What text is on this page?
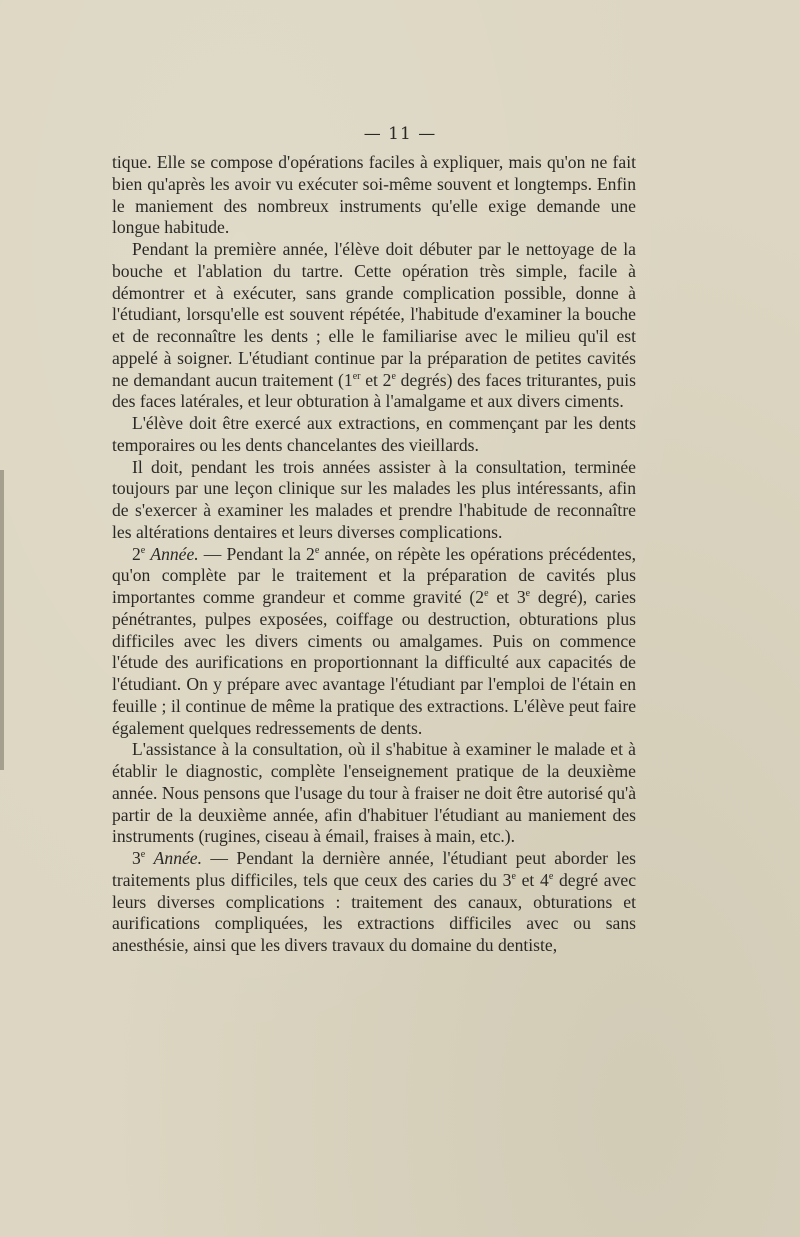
— 11 —

tique. Elle se compose d'opérations faciles à expliquer, mais qu'on ne fait bien qu'après les avoir vu exécuter soi-même souvent et longtemps. Enfin le maniement des nombreux instruments qu'elle exige demande une longue habitude.

Pendant la première année, l'élève doit débuter par le nettoyage de la bouche et l'ablation du tartre. Cette opération très simple, facile à démontrer et à exécuter, sans grande complication possible, donne à l'étudiant, lorsqu'elle est souvent répétée, l'habitude d'examiner la bouche et de reconnaître les dents ; elle le familiarise avec le milieu qu'il est appelé à soigner. L'étudiant continue par la préparation de petites cavités ne demandant aucun traitement (1er et 2e degrés) des faces triturantes, puis des faces latérales, et leur obturation à l'amalgame et aux divers ciments.

L'élève doit être exercé aux extractions, en commençant par les dents temporaires ou les dents chancelantes des vieillards.

Il doit, pendant les trois années assister à la consultation, terminée toujours par une leçon clinique sur les malades les plus intéressants, afin de s'exercer à examiner les malades et prendre l'habitude de reconnaître les altérations dentaires et leurs diverses complications.

2e Année. — Pendant la 2e année, on répète les opérations précédentes, qu'on complète par le traitement et la préparation de cavités plus importantes comme grandeur et comme gravité (2e et 3e degré), caries pénétrantes, pulpes exposées, coiffage ou destruction, obturations plus difficiles avec les divers ciments ou amalgames. Puis on commence l'étude des aurifications en proportionnant la difficulté aux capacités de l'étudiant. On y prépare avec avantage l'étudiant par l'emploi de l'étain en feuille ; il continue de même la pratique des extractions. L'élève peut faire également quelques redressements de dents.

L'assistance à la consultation, où il s'habitue à examiner le malade et à établir le diagnostic, complète l'enseignement pratique de la deuxième année. Nous pensons que l'usage du tour à fraiser ne doit être autorisé qu'à partir de la deuxième année, afin d'habituer l'étudiant au maniement des instruments (rugines, ciseau à émail, fraises à main, etc.).

3e Année. — Pendant la dernière année, l'étudiant peut aborder les traitements plus difficiles, tels que ceux des caries du 3e et 4e degré avec leurs diverses complications : traitement des canaux, obturations et aurifications compliquées, les extractions difficiles avec ou sans anesthésie, ainsi que les divers travaux du domaine du dentiste,
